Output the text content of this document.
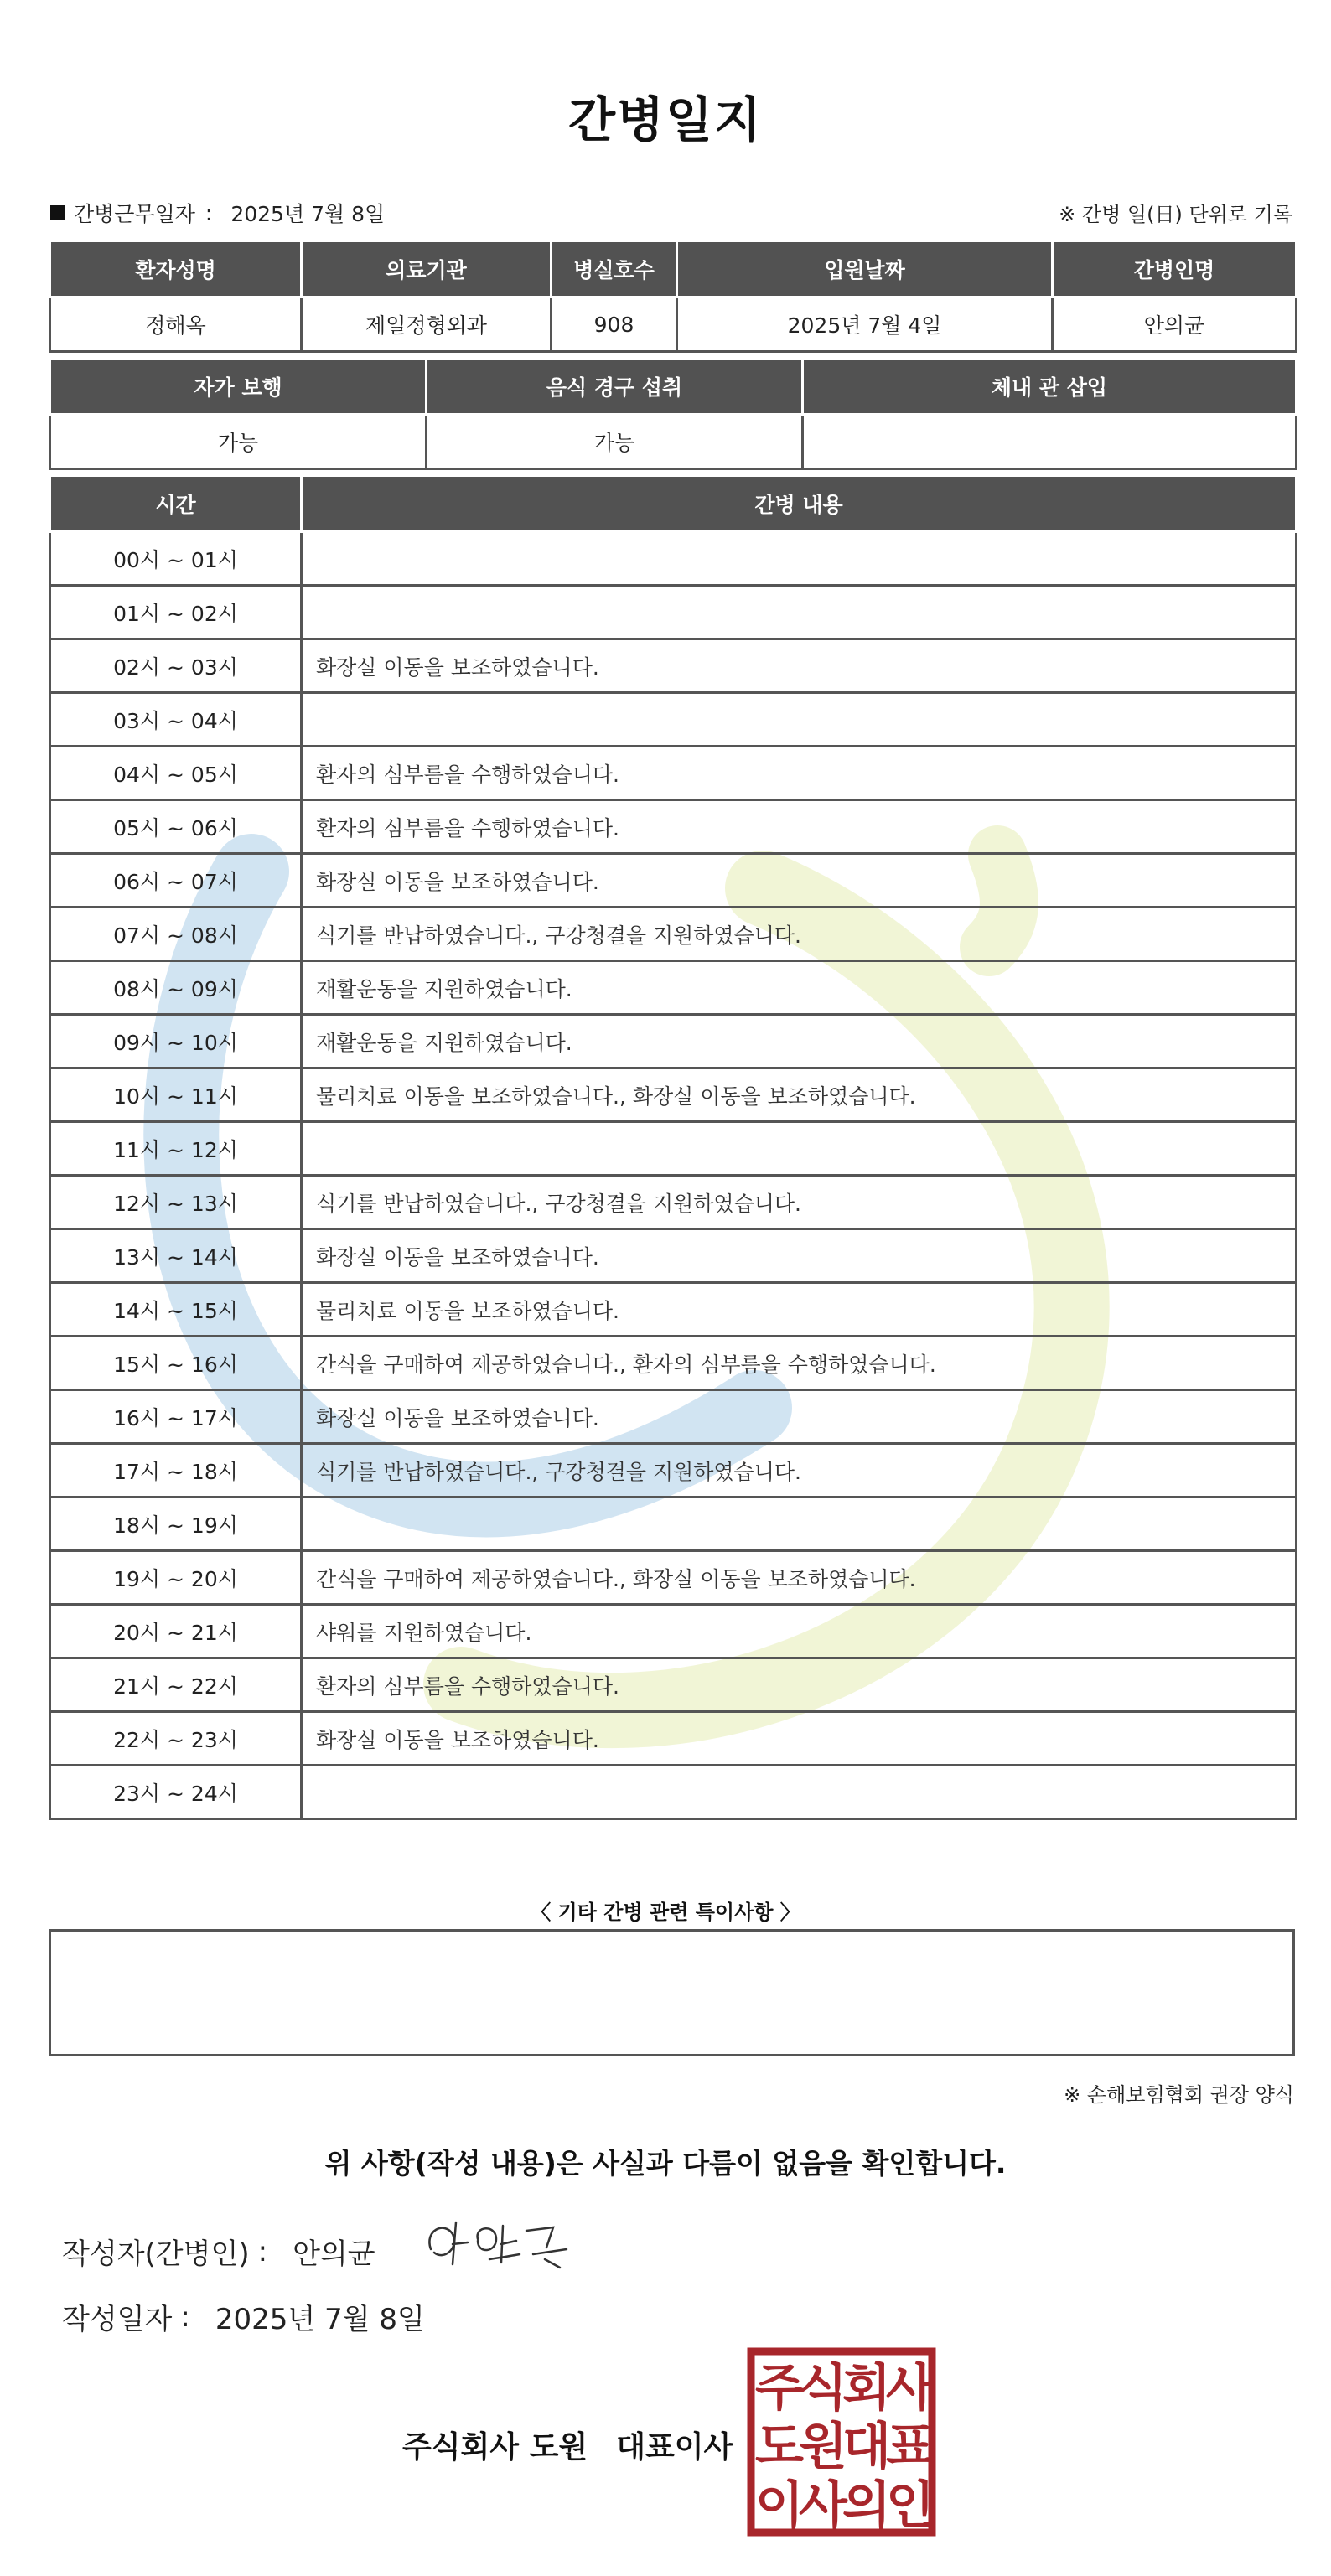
간병일지
간병근무일자 : 2025년 7월 8일	※ 간병 일(日) 단위로 기록
환자성명	의료기관	병실호수	입원날짜	간병인명
정해옥	제일정형외과	908	2025년 7월 4일	안의균
자가 보행	음식 경구 섭취	체내 관 삽입
가능	가능	
시간	간병 내용
00시 ~ 01시	
01시 ~ 02시	
02시 ~ 03시	화장실 이동을 보조하였습니다.
03시 ~ 04시	
04시 ~ 05시	환자의 심부름을 수행하였습니다.
05시 ~ 06시	환자의 심부름을 수행하였습니다.
06시 ~ 07시	화장실 이동을 보조하였습니다.
07시 ~ 08시	식기를 반납하였습니다., 구강청결을 지원하였습니다.
08시 ~ 09시	재활운동을 지원하였습니다.
09시 ~ 10시	재활운동을 지원하였습니다.
10시 ~ 11시	물리치료 이동을 보조하였습니다., 화장실 이동을 보조하였습니다.
11시 ~ 12시	
12시 ~ 13시	식기를 반납하였습니다., 구강청결을 지원하였습니다.
13시 ~ 14시	화장실 이동을 보조하였습니다.
14시 ~ 15시	물리치료 이동을 보조하였습니다.
15시 ~ 16시	간식을 구매하여 제공하였습니다., 환자의 심부름을 수행하였습니다.
16시 ~ 17시	화장실 이동을 보조하였습니다.
17시 ~ 18시	식기를 반납하였습니다., 구강청결을 지원하였습니다.
18시 ~ 19시	
19시 ~ 20시	간식을 구매하여 제공하였습니다., 화장실 이동을 보조하였습니다.
20시 ~ 21시	샤워를 지원하였습니다.
21시 ~ 22시	환자의 심부름을 수행하였습니다.
22시 ~ 23시	화장실 이동을 보조하였습니다.
23시 ~ 24시	
〈 기타 간병 관련 특이사항 〉
※ 손해보험협회 권장 양식
위 사항(작성 내용)은 사실과 다름이 없음을 확인합니다.
작성자(간병인) : 안의균
작성일자 : 2025년 7월 8일
주식회사 도원 대표이사
주
식
회
사
도
원
대
표
이
사
의
인
